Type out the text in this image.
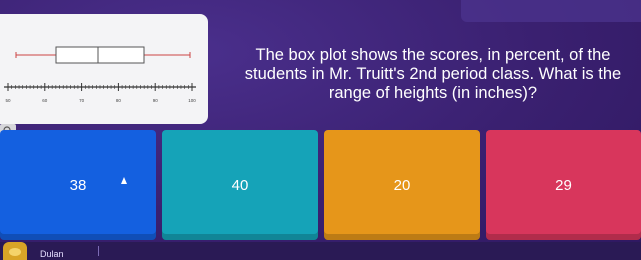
50	60	70	80	90	100
The box plot shows the scores, in percent, of the students in Mr. Truitt's 2nd period class. What is the range of heights (in inches)?
38	40	20	29
Dulan
